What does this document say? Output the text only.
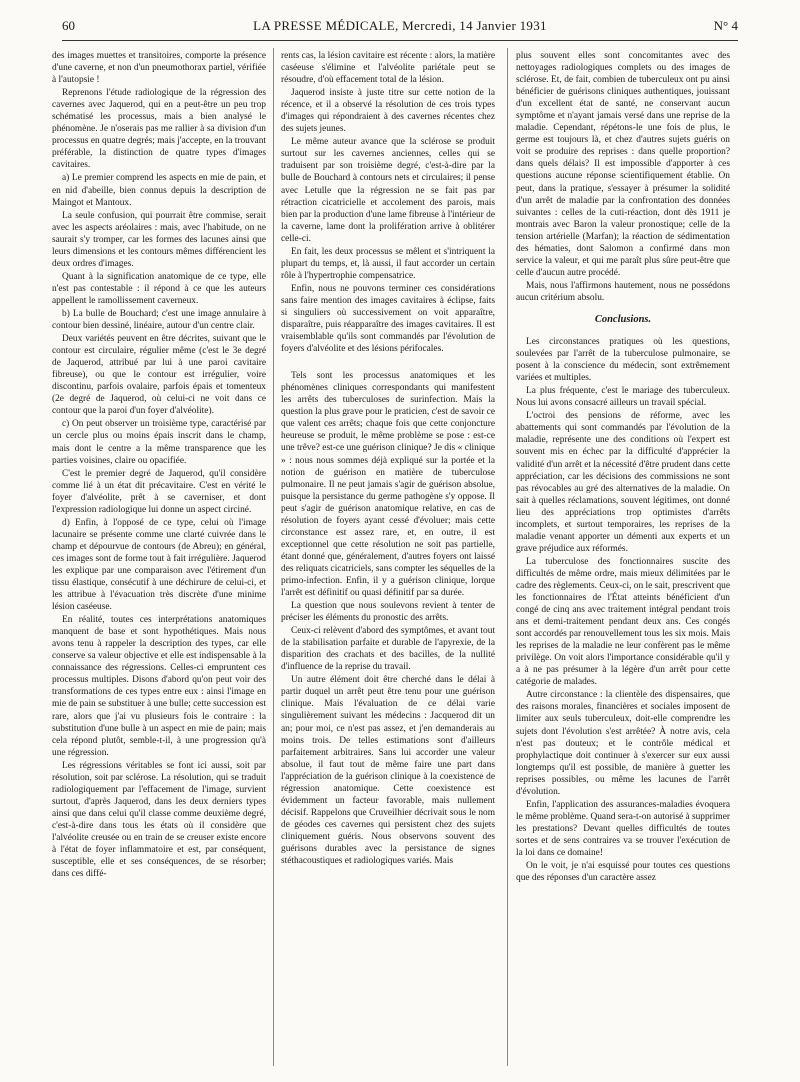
60	LA PRESSE MÉDICALE, Mercredi, 14 Janvier 1931	N° 4

des images muettes et transitoires, comporte la présence d'une caverne, et non d'un pneumothorax partiel, vérifiée à l'autopsie !

Reprenons l'étude radiologique de la régression des cavernes avec Jaquerod, qui en a peut-être un peu trop schématisé les processus, mais a bien analysé le phénomène. Je n'oserais pas me rallier à sa division d'un processus en quatre degrés; mais j'accepte, en la trouvant préférable, la distinction de quatre types d'images cavitaires.

a) Le premier comprend les aspects en mie de pain, et en nid d'abeille, bien connus depuis la description de Maingot et Mantoux.

La seule confusion, qui pourrait être commise, serait avec les aspects aréolaires : mais, avec l'habitude, on ne saurait s'y tromper, car les formes des lacunes ainsi que leurs dimensions et les contours mêmes différencient les deux ordres d'images.

Quant à la signification anatomique de ce type, elle n'est pas contestable : il répond à ce que les auteurs appellent le ramollissement caverneux.

b) La bulle de Bouchard; c'est une image annulaire à contour bien dessiné, linéaire, autour d'un centre clair.

Deux variétés peuvent en être décrites, suivant que le contour est circulaire, régulier même (c'est le 3e degré de Jaquerod, attribué par lui à une paroi cavitaire fibreuse), ou que le contour est irrégulier, voire discontinu, parfois ovalaire, parfois épais et tomenteux (2e degré de Jaquerod, où celui-ci ne voit dans ce contour que la paroi d'un foyer d'alvéolite).

c) On peut observer un troisième type, caractérisé par un cercle plus ou moins épais inscrit dans le champ, mais dont le centre a la même transparence que les parties voisines, claire ou opacifiée.

C'est le premier degré de Jaquerod, qu'il considère comme lié à un état dit précavitaire. C'est en vérité le foyer d'alvéolite, prêt à se caverniser, et dont l'expression radiologique lui donne un aspect circiné.

d) Enfin, à l'opposé de ce type, celui où l'image lacunaire se présente comme une clarté cuivrée dans le champ et dépourvue de contours (de Abreu); en général, ces images sont de forme tout à fait irrégulière. Jaquerod les explique par une comparaison avec l'étirement d'un tissu élastique, consécutif à une déchirure de celui-ci, et les attribue à l'évacuation très discrète d'une minime lésion caséeuse.

En réalité, toutes ces interprétations anatomiques manquent de base et sont hypothétiques. Mais nous avons tenu à rappeler la description des types, car elle conserve sa valeur objective et elle est indispensable à la connaissance des régressions. Celles-ci empruntent ces processus multiples. Disons d'abord qu'on peut voir des transformations de ces types entre eux : ainsi l'image en mie de pain se substituer à une bulle; cette succession est rare, alors que j'ai vu plusieurs fois le contraire : la substitution d'une bulle à un aspect en mie de pain; mais cela répond plutôt, semble-t-il, à une progression qu'à une régression.

Les régressions véritables se font ici aussi, soit par résolution, soit par sclérose. La résolution, qui se traduit radiologiquement par l'effacement de l'image, survient surtout, d'après Jaquerod, dans les deux derniers types ainsi que dans celui qu'il classe comme deuxième degré, c'est-à-dire dans tous les états où il considère que l'alvéolite creusée ou en train de se creuser existe encore à l'état de foyer inflammatoire et est, par conséquent, susceptible, elle et ses conséquences, de se résorber; dans ces diffé-

rents cas, la lésion cavitaire est récente : alors, la matière caséeuse s'élimine et l'alvéolite pariétale peut se résoudre, d'où effacement total de la lésion.

Jaquerod insiste à juste titre sur cette notion de la récence, et il a observé la résolution de ces trois types d'images qui répondraient à des cavernes récentes chez des sujets jeunes.

Le même auteur avance que la sclérose se produit surtout sur les cavernes anciennes, celles qui se traduisent par son troisième degré, c'est-à-dire par la bulle de Bouchard à contours nets et circulaires; il pense avec Letulle que la régression ne se fait pas par rétraction cicatricielle et accolement des parois, mais bien par la production d'une lame fibreuse à l'intérieur de la caverne, lame dont la prolifération arrive à oblitérer celle-ci.

En fait, les deux processus se mêlent et s'intriquent la plupart du temps, et, là aussi, il faut accorder un certain rôle à l'hypertrophie compensatrice.

Enfin, nous ne pouvons terminer ces considérations sans faire mention des images cavitaires à éclipse, faits si singuliers où successivement on voit apparaître, disparaître, puis réapparaître des images cavitaires. Il est vraisemblable qu'ils sont commandés par l'évolution de foyers d'alvéolite et des lésions périfocales.

Tels sont les processus anatomiques et les phénomènes cliniques correspondants qui manifestent les arrêts des tuberculoses de surinfection. Mais la question la plus grave pour le praticien, c'est de savoir ce que valent ces arrêts; chaque fois que cette conjoncture heureuse se produit, le même problème se pose : est-ce une trêve? est-ce une guérison clinique? Je dis « clinique » : nous nous sommes déjà expliqué sur la portée et la notion de guérison en matière de tuberculose pulmonaire. Il ne peut jamais s'agir de guérison absolue, puisque la persistance du germe pathogène s'y oppose. Il peut s'agir de guérison anatomique relative, en cas de résolution de foyers ayant cessé d'évoluer; mais cette circonstance est assez rare, et, en outre, il est exceptionnel que cette résolution ne soit pas partielle, étant donné que, généralement, d'autres foyers ont laissé des reliquats cicatriciels, sans compter les séquelles de la primo-infection. Enfin, il y a guérison clinique, lorque l'arrêt est définitif ou quasi définitif par sa durée.

La question que nous soulevons revient à tenter de préciser les éléments du pronostic des arrêts.

Ceux-ci relèvent d'abord des symptômes, et avant tout de la stabilisation parfaite et durable de l'apyrexie, de la disparition des crachats et des bacilles, de la nullité d'influence de la reprise du travail.

Un autre élément doit être cherché dans le délai à partir duquel un arrêt peut être tenu pour une guérison clinique. Mais l'évaluation de ce délai varie singulièrement suivant les médecins : Jacquerod dit un an; pour moi, ce n'est pas assez, et j'en demanderais au moins trois. De telles estimations sont d'ailleurs parfaitement arbitraires. Sans lui accorder une valeur absolue, il faut tout de même faire une part dans l'appréciation de la guérison clinique à la coexistence de régression anatomique. Cette coexistence est évidemment un facteur favorable, mais nullement décisif. Rappelons que Cruveilhier décrivait sous le nom de géodes ces cavernes qui persistent chez des sujets cliniquement guéris. Nous observons souvent des guérisons durables avec la persistance de signes stéthacoustiques et radiologiques variés. Mais

plus souvent elles sont concomitantes avec des nettoyages radiologiques complets ou des images de sclérose. Et, de fait, combien de tuberculeux ont pu ainsi bénéficier de guérisons cliniques authentiques, jouissant d'un excellent état de santé, ne conservant aucun symptôme et n'ayant jamais versé dans une reprise de la maladie. Cependant, répétons-le une fois de plus, le germe est toujours là, et chez d'autres sujets guéris on voit se produire des reprises : dans quelle proportion? dans quels délais? Il est impossible d'apporter à ces questions aucune réponse scientifiquement établie. On peut, dans la pratique, s'essayer à présumer la solidité d'un arrêt de maladie par la confrontation des données suivantes : celles de la cuti-réaction, dont dès 1911 je montrais avec Baron la valeur pronostique; celle de la tension artérielle (Marfan); la réaction de sédimentation des hématies, dont Salomon a confirmé dans mon service la valeur, et qui me paraît plus sûre peut-être que celle d'aucun autre procédé.

Mais, nous l'affirmons hautement, nous ne possédons aucun critérium absolu.

Conclusions.

Les circonstances pratiques où les questions, soulevées par l'arrêt de la tuberculose pulmonaire, se posent à la conscience du médecin, sont extrêmement variées et multiples.

La plus fréquente, c'est le mariage des tuberculeux. Nous lui avons consacré ailleurs un travail spécial.

L'octroi des pensions de réforme, avec les abattements qui sont commandés par l'évolution de la maladie, représente une des conditions où l'expert est souvent mis en échec par la difficulté d'apprécier la validité d'un arrêt et la nécessité d'être prudent dans cette appréciation, car les décisions des commissions ne sont pas révocables au gré des alternatives de la maladie. On sait à quelles réclamations, souvent légitimes, ont donné lieu des appréciations trop optimistes d'arrêts incomplets, et surtout temporaires, les reprises de la maladie venant apporter un démenti aux experts et un grave préjudice aux réformés.

La tuberculose des fonctionnaires suscite des difficultés de même ordre, mais mieux délimitées par le cadre des règlements. Ceux-ci, on le sait, prescrivent que les fonctionnaires de l'État atteints bénéficient d'un congé de cinq ans avec traitement intégral pendant trois ans et demi-traitement pendant deux ans. Ces congés sont accordés par renouvellement tous les six mois. Mais les reprises de la maladie ne leur confèrent pas le même privilège. On voit alors l'importance considérable qu'il y a à ne pas présumer à la légère d'un arrêt pour cette catégorie de malades.

Autre circonstance : la clientèle des dispensaires, que des raisons morales, financières et sociales imposent de limiter aux seuls tuberculeux, doit-elle comprendre les sujets dont l'évolution s'est arrêtée? À notre avis, cela n'est pas douteux; et le contrôle médical et prophylactique doit continuer à s'exercer sur eux aussi longtemps qu'il est possible, de manière à guetter les reprises possibles, ou même les lacunes de l'arrêt d'évolution.

Enfin, l'application des assurances-maladies évoquera le même problème. Quand sera-t-on autorisé à supprimer les prestations? Devant quelles difficultés de toutes sortes et de sens contraires va se trouver l'exécution de la loi dans ce domaine!

On le voit, je n'ai esquissé pour toutes ces questions que des réponses d'un caractère assez
